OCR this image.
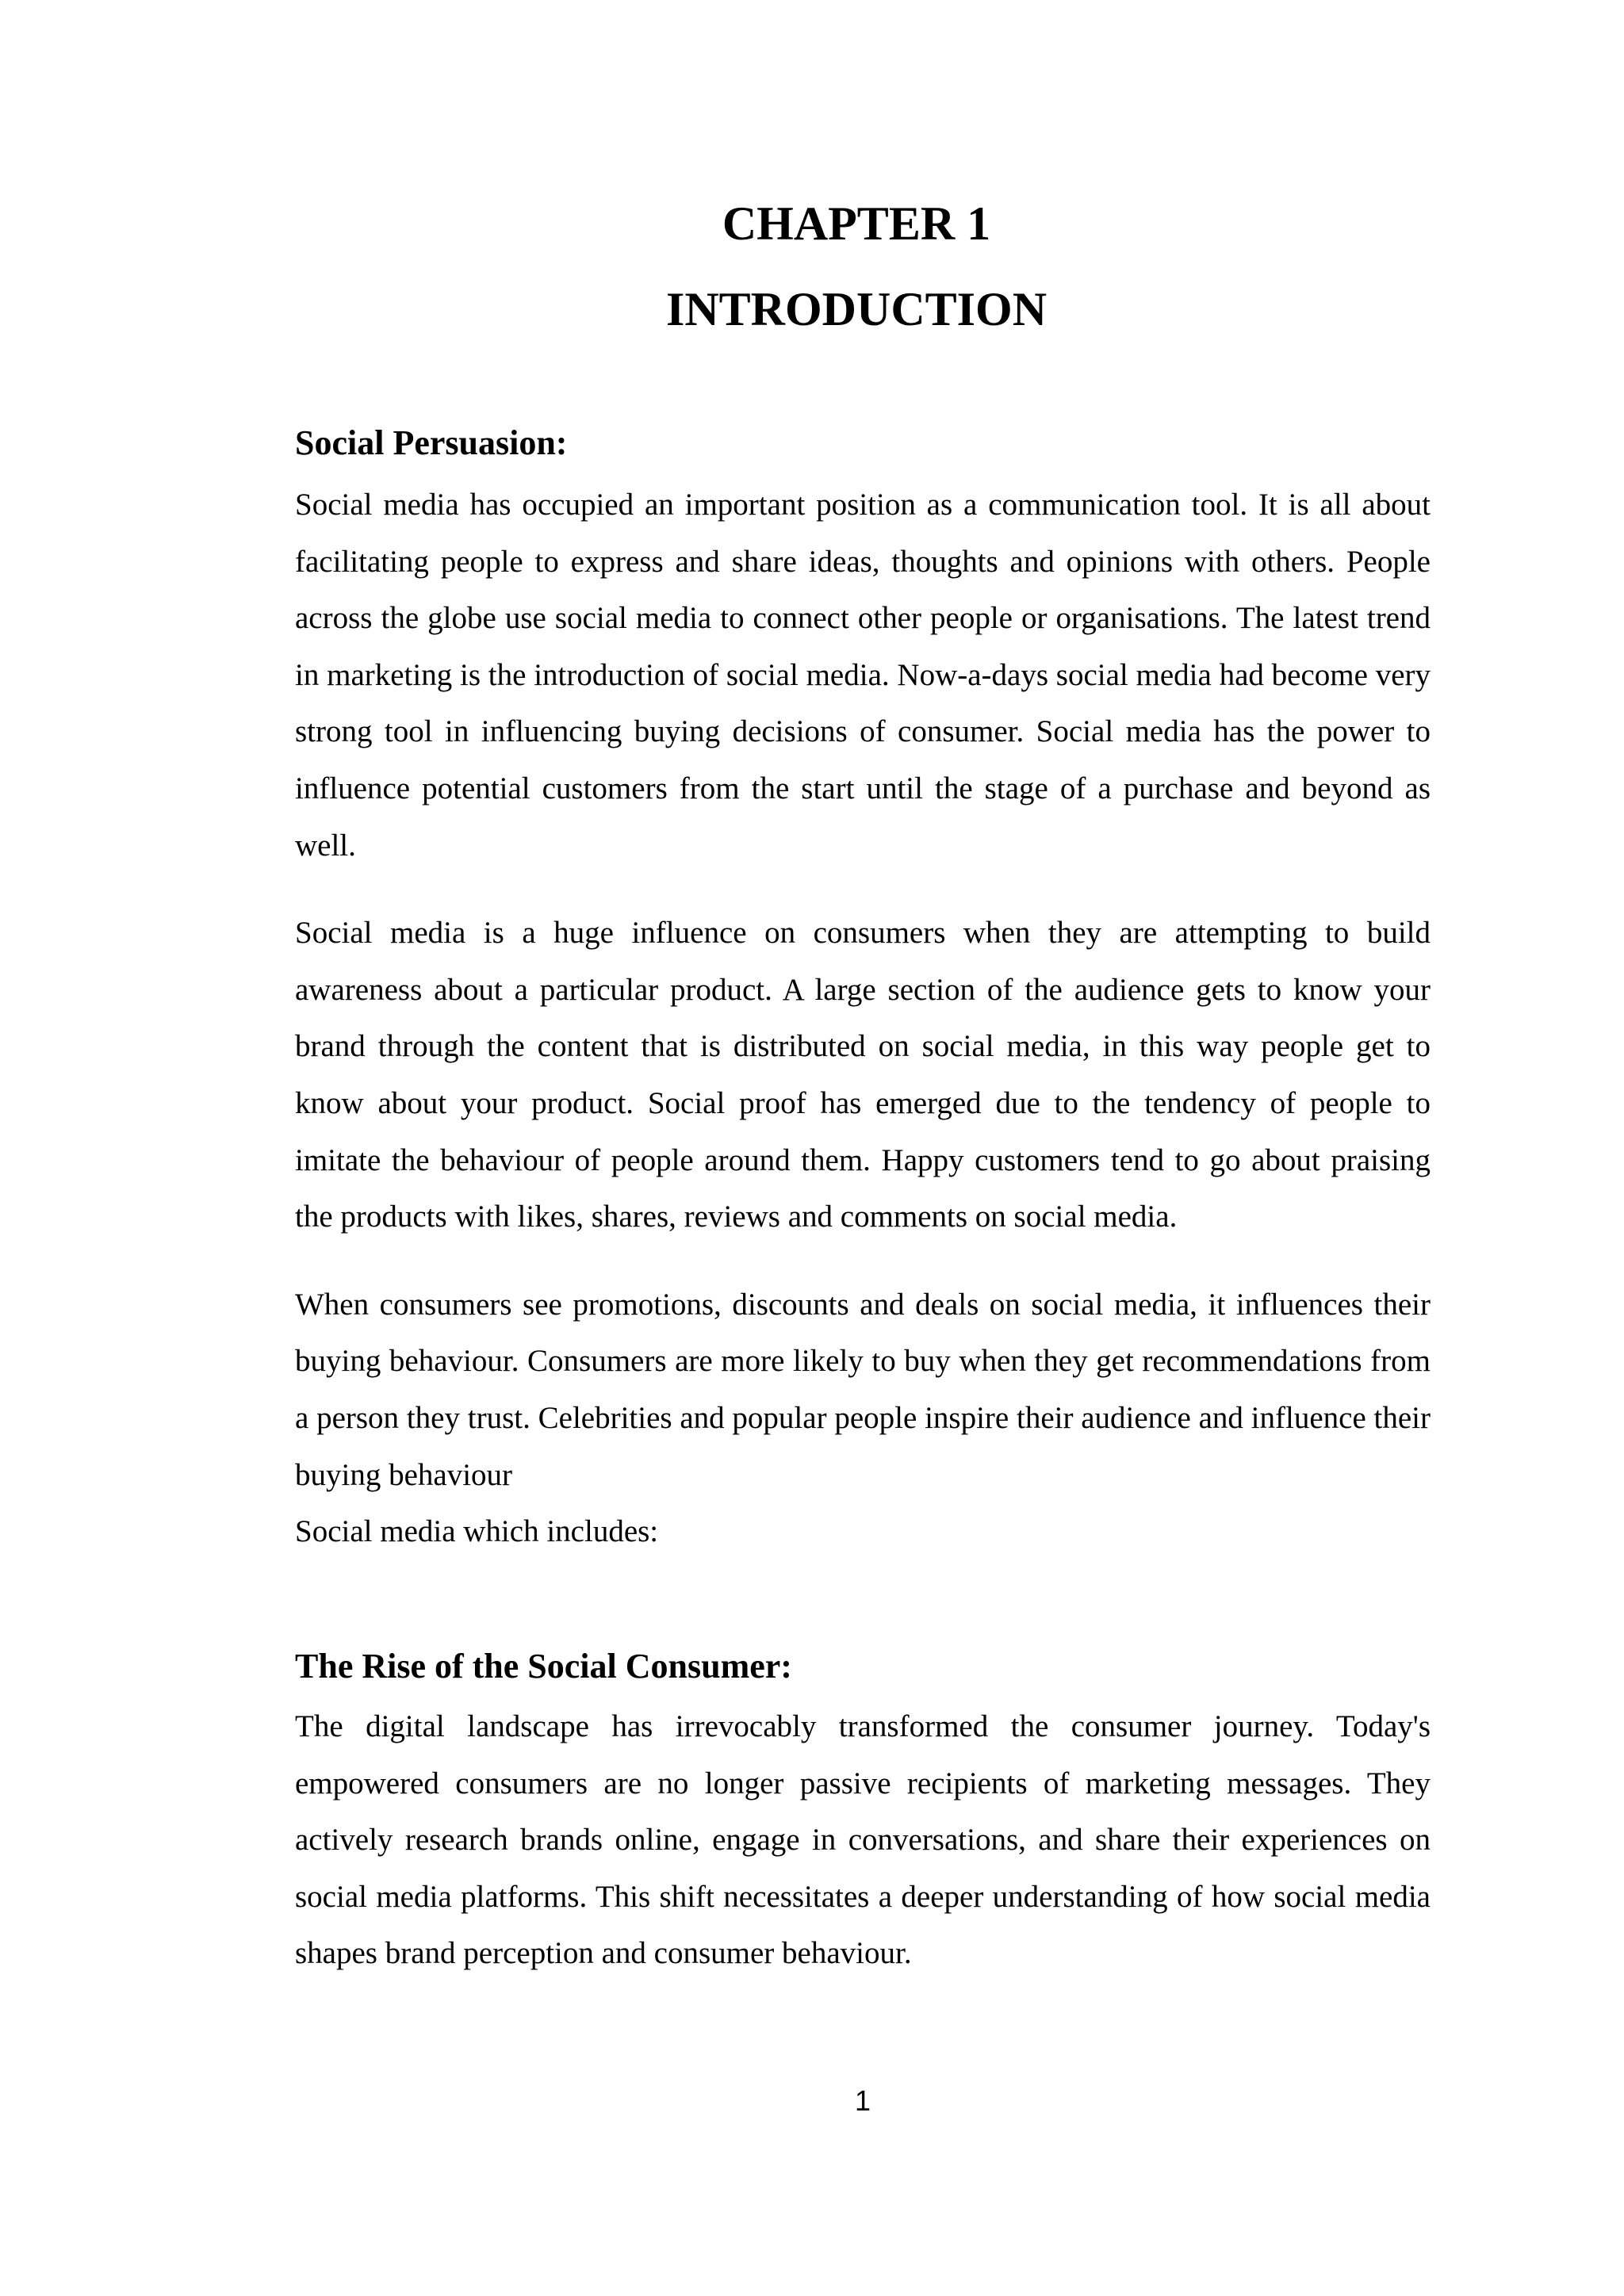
CHAPTER 1
INTRODUCTION
Social Persuasion:

Social media has occupied an important position as a communication tool. It is all about facilitating people to express and share ideas, thoughts and opinions with others. People across the globe use social media to connect other people or organisations. The latest trend in marketing is the introduction of social media. Now-a-days social media had become very strong tool in influencing buying decisions of consumer. Social media has the power to influence potential customers from the start until the stage of a purchase and beyond as well.

Social media is a huge influence on consumers when they are attempting to build awareness about a particular product. A large section of the audience gets to know your brand through the content that is distributed on social media, in this way people get to know about your product. Social proof has emerged due to the tendency of people to imitate the behaviour of people around them. Happy customers tend to go about praising the products with likes, shares, reviews and comments on social media.

When consumers see promotions, discounts and deals on social media, it influences their buying behaviour. Consumers are more likely to buy when they get recommendations from a person they trust. Celebrities and popular people inspire their audience and influence their buying behaviour

Social media which includes:

The Rise of the Social Consumer:

The digital landscape has irrevocably transformed the consumer journey. Today's empowered consumers are no longer passive recipients of marketing messages. They actively research brands online, engage in conversations, and share their experiences on social media platforms. This shift necessitates a deeper understanding of how social media shapes brand perception and consumer behaviour.

1
